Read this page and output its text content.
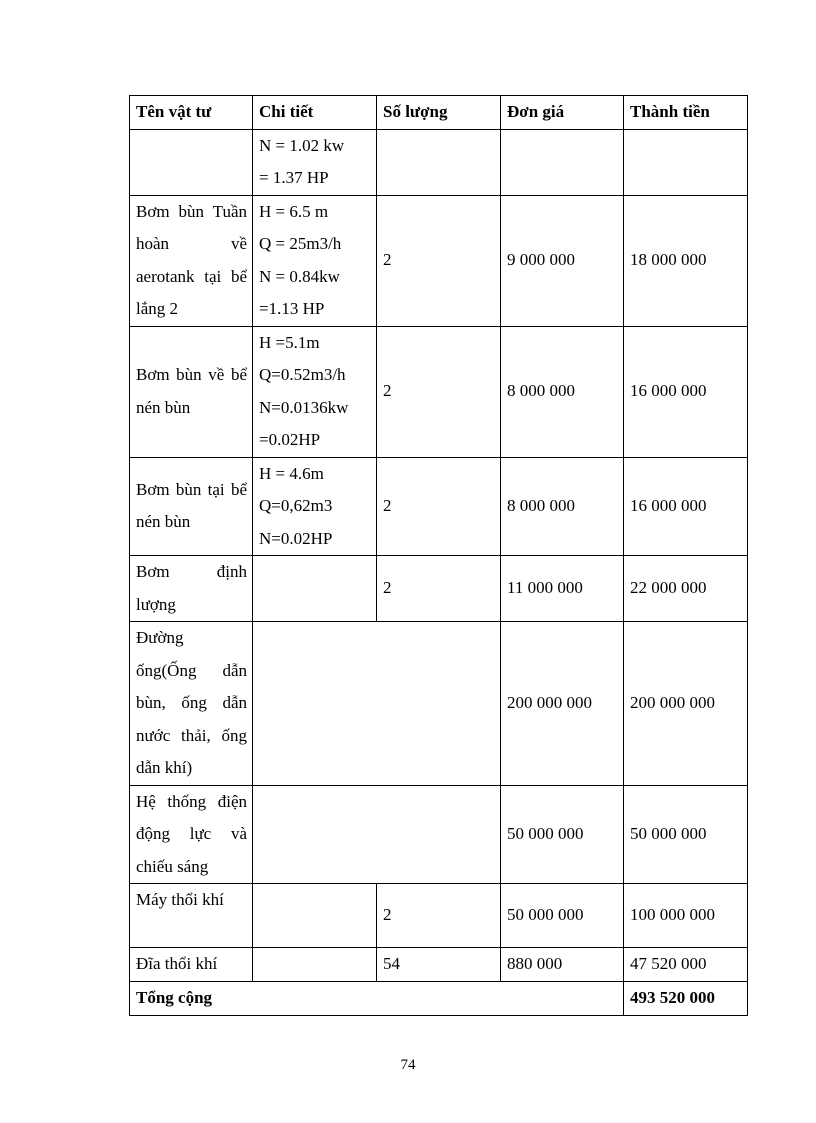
Tên vật tư	Chi tiết	Số lượng	Đơn giá	Thành tiền

	N = 1.02 kw
= 1.37 HP			

Bơm bùn Tuần hoàn về aerotank tại bể lắng 2	H = 6.5 m
Q = 25m3/h
N = 0.84kw
=1.13 HP	2	9 000 000	18 000 000
Bơm bùn về bể nén bùn	H =5.1m
Q=0.52m3/h
N=0.0136kw
=0.02HP	2	8 000 000	16 000 000
Bơm bùn tại bể nén bùn	H = 4.6m
Q=0,62m3
N=0.02HP	2	8 000 000	16 000 000
Bơm định lượng		2	11 000 000	22 000 000
Đường ống(Ống dẫn bùn, ống dẫn nước thải, ống dẫn khí)			200 000 000	200 000 000
Hệ thống điện động lực và chiếu sáng			50 000 000	50 000 000
Máy thổi khí		2	50 000 000	100 000 000
Đĩa thổi khí		54	880 000	47 520 000
Tổng cộng				493 520 000
74
